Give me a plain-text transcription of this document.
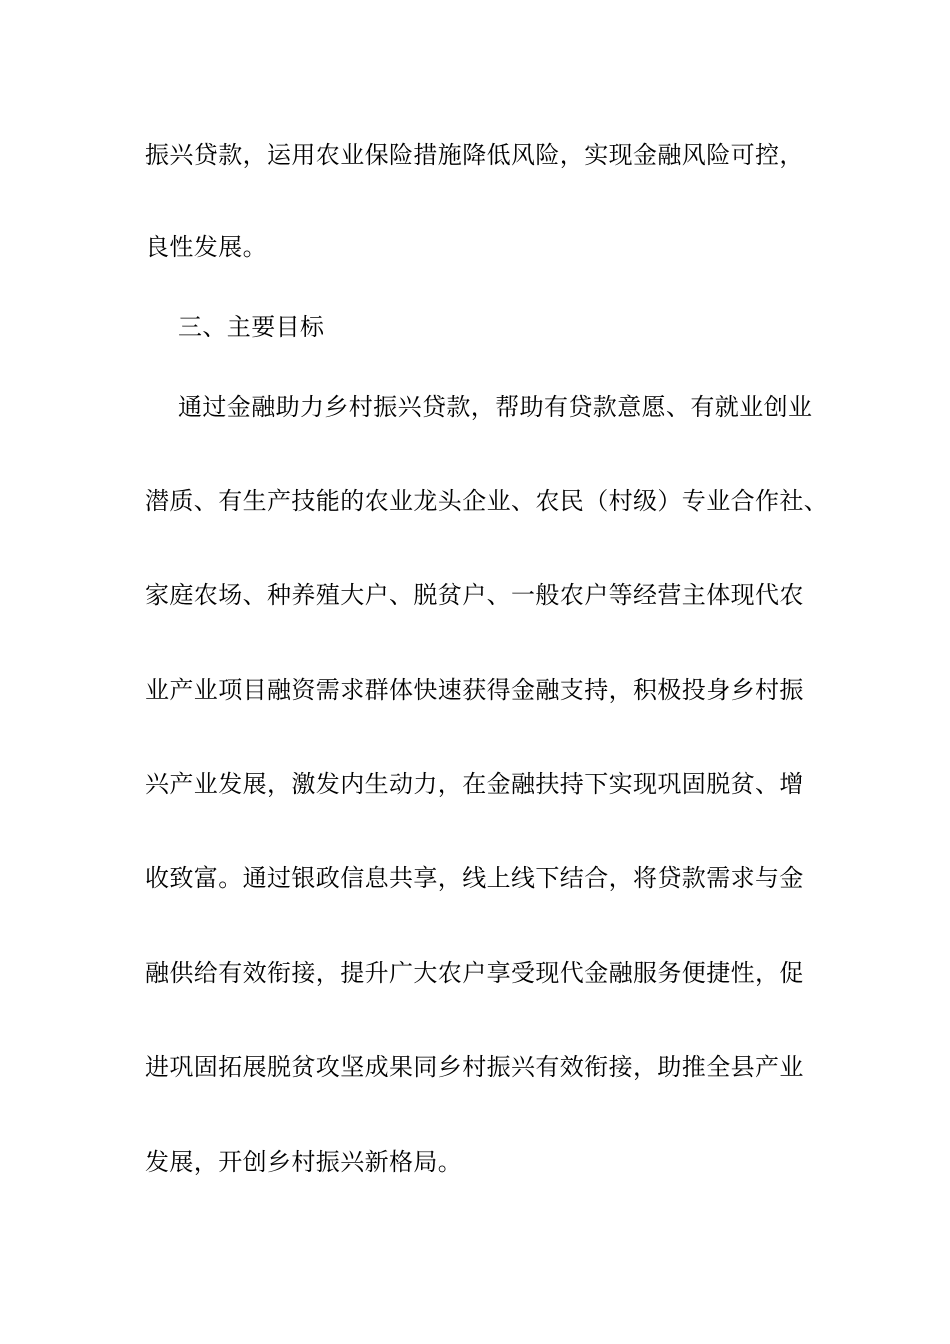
振兴贷款，运用农业保险措施降低风险，实现金融风险可控，
良性发展。
三、主要目标
通过金融助力乡村振兴贷款，帮助有贷款意愿、有就业创业
潜质、有生产技能的农业龙头企业、农民（村级）专业合作社、
家庭农场、种养殖大户、脱贫户、一般农户等经营主体现代农
业产业项目融资需求群体快速获得金融支持，积极投身乡村振
兴产业发展，激发内生动力，在金融扶持下实现巩固脱贫、增
收致富。通过银政信息共享，线上线下结合，将贷款需求与金
融供给有效衔接，提升广大农户享受现代金融服务便捷性，促
进巩固拓展脱贫攻坚成果同乡村振兴有效衔接，助推全县产业
发展，开创乡村振兴新格局。
